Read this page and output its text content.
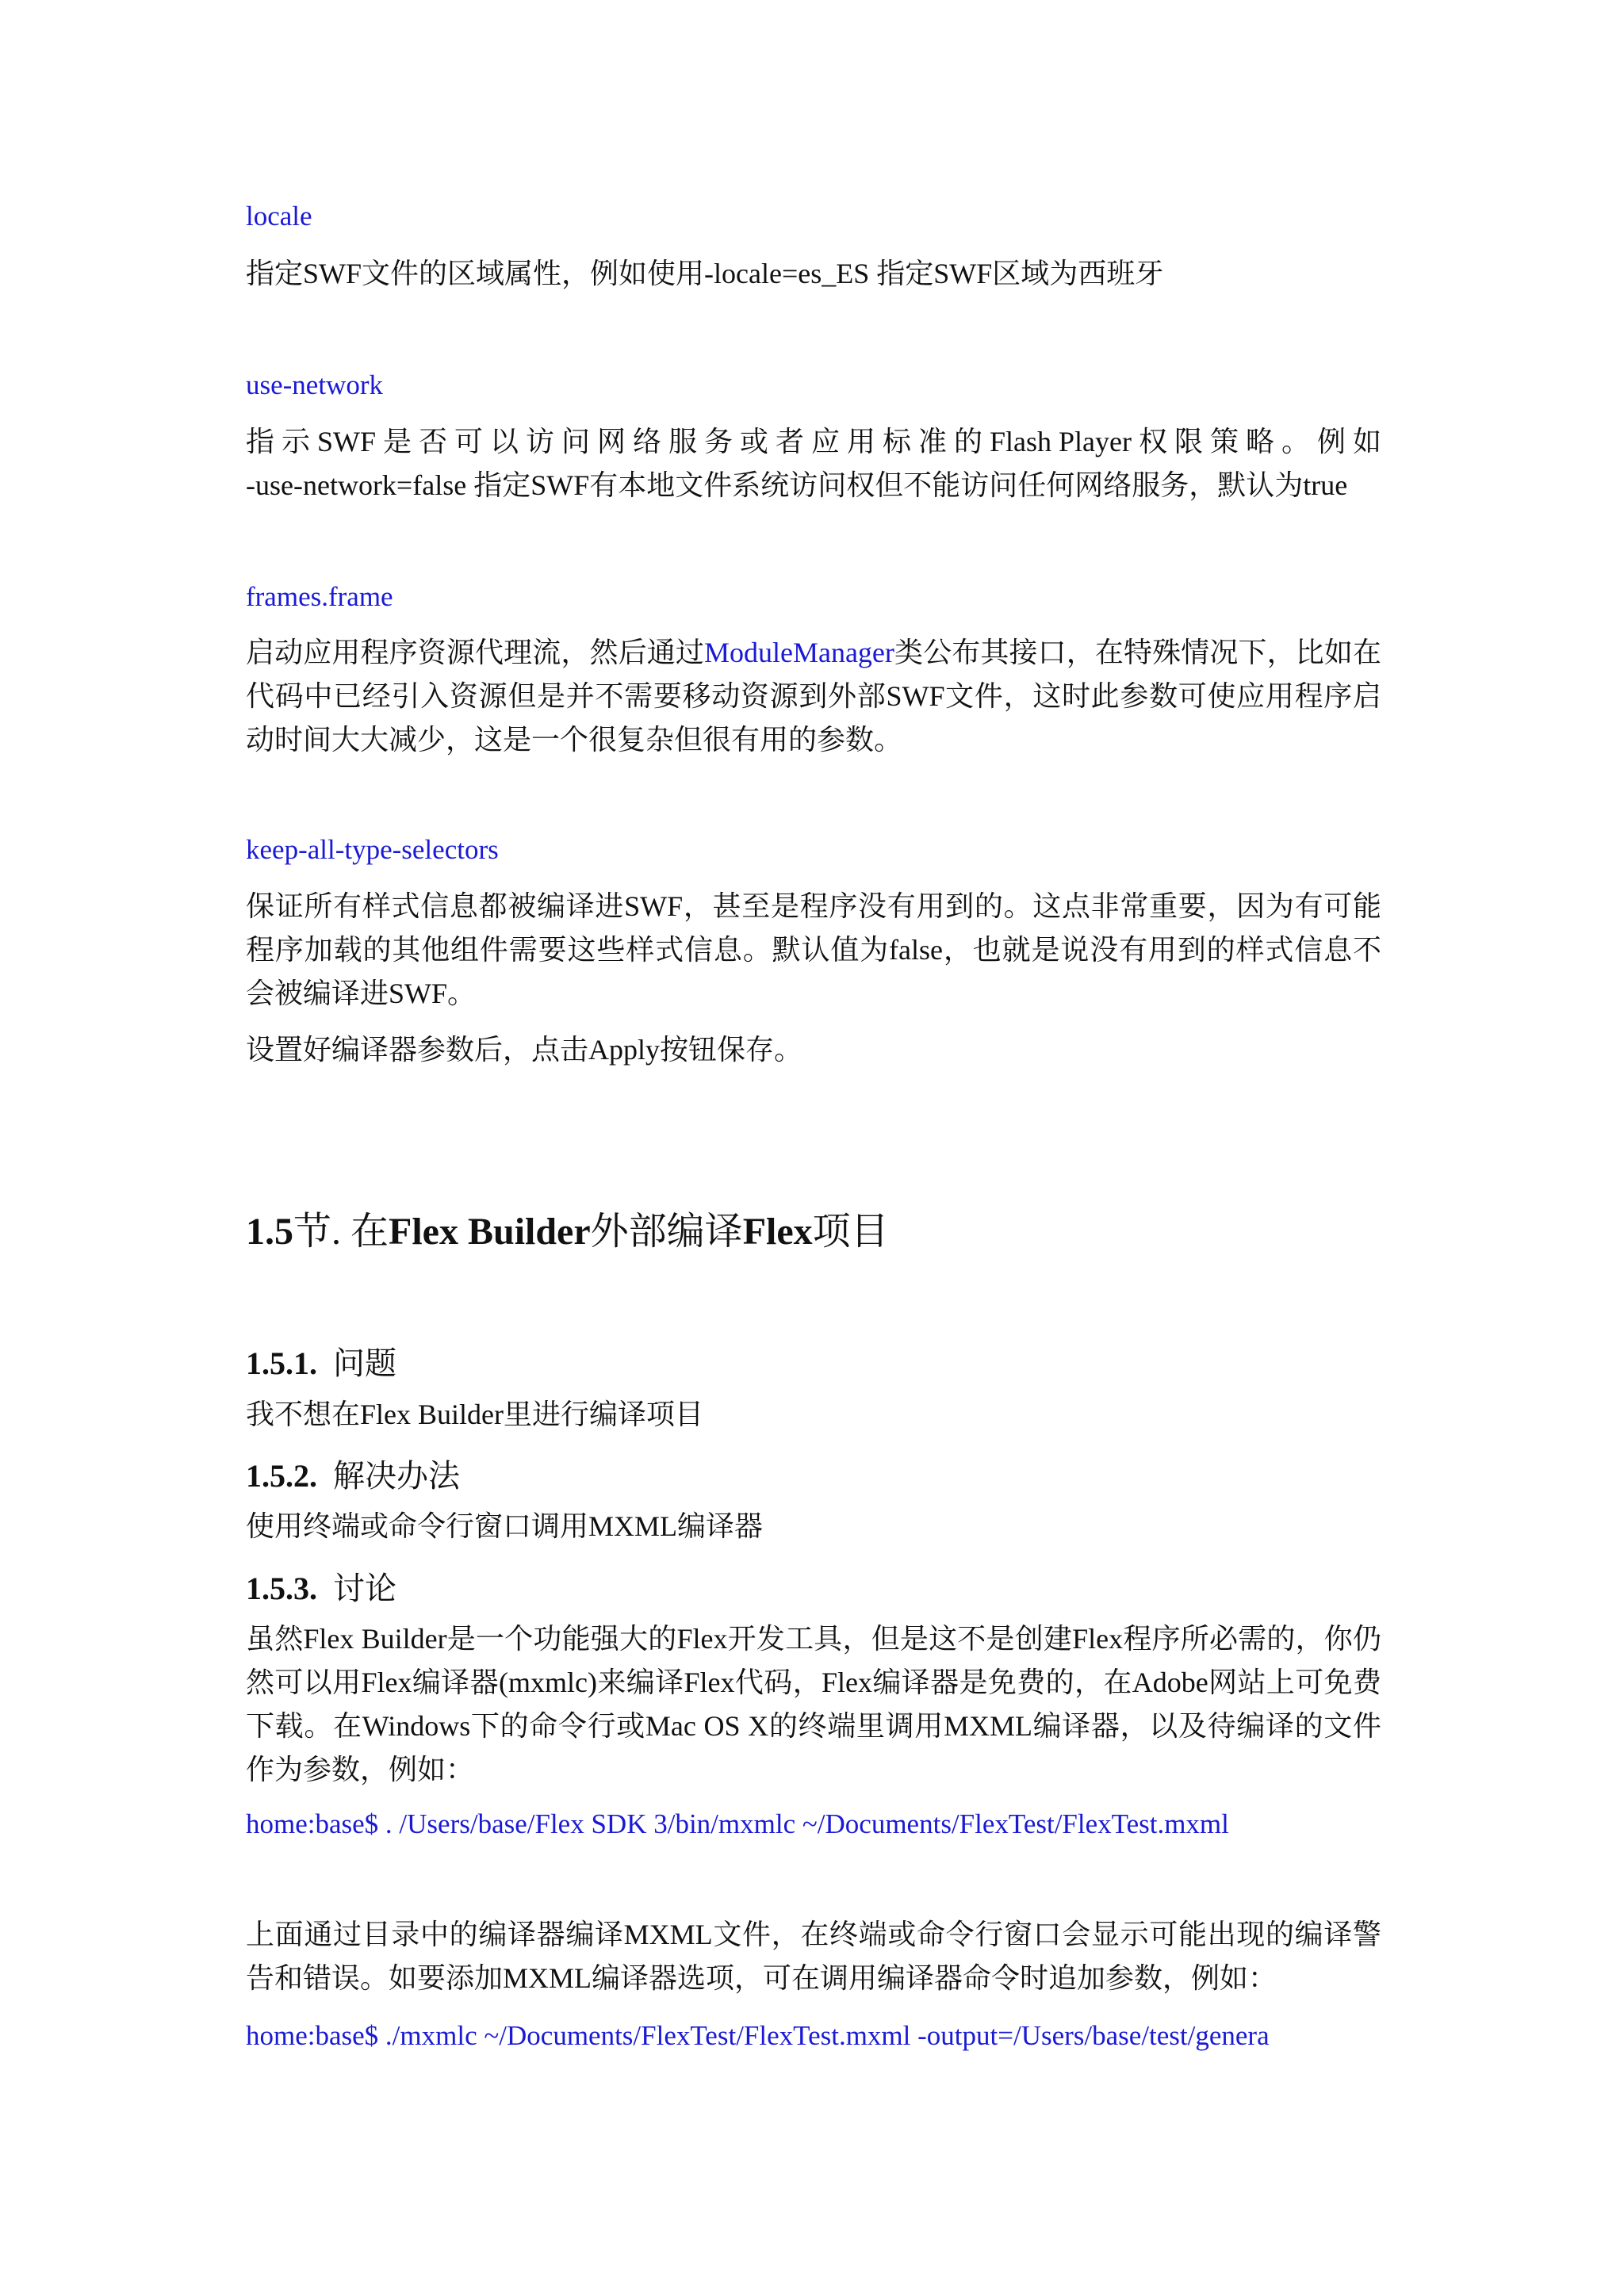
locale
指定SWF文件的区域属性，例如使用-locale=es_ES 指定SWF区域为西班牙
use-network
指 示 SWF 是 否 可 以 访 问 网 络 服 务 或 者 应 用 标 准 的 Flash Player 权 限 策 略 。 例 如 -use-network=false 指定SWF有本地文件系统访问权但不能访问任何网络服务，默认为true
frames.frame
启动应用程序资源代理流，然后通过ModuleManager类公布其接口，在特殊情况下，比如在代码中已经引入资源但是并不需要移动资源到外部SWF文件，这时此参数可使应用程序启动时间大大减少，这是一个很复杂但很有用的参数。
keep-all-type-selectors
保证所有样式信息都被编译进SWF，甚至是程序没有用到的。这点非常重要，因为有可能程序加载的其他组件需要这些样式信息。默认值为false，也就是说没有用到的样式信息不会被编译进SWF。
设置好编译器参数后，点击Apply按钮保存。
1.5节. 在Flex Builder外部编译Flex项目
1.5.1. 问题
我不想在Flex Builder里进行编译项目
1.5.2. 解决办法
使用终端或命令行窗口调用MXML编译器
1.5.3. 讨论
虽然Flex Builder是一个功能强大的Flex开发工具，但是这不是创建Flex程序所必需的，你仍然可以用Flex编译器(mxmlc)来编译Flex代码，Flex编译器是免费的，在Adobe网站上可免费下载。在Windows下的命令行或Mac OS X的终端里调用MXML编译器，以及待编译的文件作为参数，例如：
home:base$ . /Users/base/Flex SDK 3/bin/mxmlc ~/Documents/FlexTest/FlexTest.mxml
上面通过目录中的编译器编译MXML文件，在终端或命令行窗口会显示可能出现的编译警告和错误。如要添加MXML编译器选项，可在调用编译器命令时追加参数，例如：
home:base$ ./mxmlc ~/Documents/FlexTest/FlexTest.mxml -output=/Users/base/test/genera
